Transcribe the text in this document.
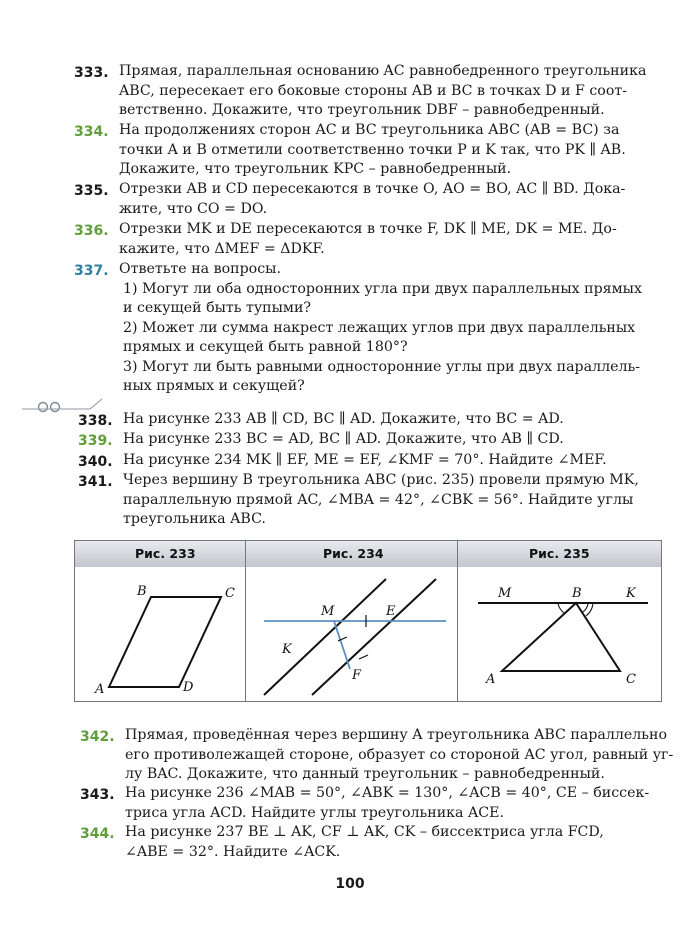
333. Прямая, параллельная основанию AC равнобедренного треугольника
ABC, пересекает его боковые стороны AB и BC в точках D и F соот-
ветственно. Докажите, что треугольник DBF – равнобедренный.
334. На продолжениях сторон AC и BC треугольника ABC (AB = BC) за
точки A и B отметили соответственно точки P и K так, что PK ∥ AB.
Докажите, что треугольник KPC – равнобедренный.
335. Отрезки AB и CD пересекаются в точке O, AO = BO, AC ∥ BD. Дока-
жите, что CO = DO.
336. Отрезки MK и DE пересекаются в точке F, DK ∥ ME, DK = ME. До-
кажите, что ΔMEF = ΔDKF.
337. Ответьте на вопросы.
1) Могут ли оба односторонних угла при двух параллельных прямых
и секущей быть тупыми?
2) Может ли сумма накрест лежащих углов при двух параллельных
прямых и секущей быть равной 180°?
3) Могут ли быть равными односторонние углы при двух параллель-
ных прямых и секущей?
338. На рисунке 233 AB ∥ CD, BC ∥ AD. Докажите, что BC = AD.
339. На рисунке 233 BC = AD, BC ∥ AD. Докажите, что AB ∥ CD.
340. На рисунке 234 MK ∥ EF, ME = EF, ∠KMF = 70°. Найдите ∠MEF.
341. Через вершину B треугольника ABC (рис. 235) провели прямую MK,
параллельную прямой AC, ∠MBA = 42°, ∠CBK = 56°. Найдите углы
треугольника ABC.
Рис. 233	Рис. 234	Рис. 235
B	C
A	D
M	E
K
F
M	B	K
A	C
342. Прямая, проведённая через вершину A треугольника ABC параллельно
его противолежащей стороне, образует со стороной AC угол, равный уг-
лу BAC. Докажите, что данный треугольник – равнобедренный.
343. На рисунке 236 ∠MAB = 50°, ∠ABK = 130°, ∠ACB = 40°, CE – биссек-
триса угла ACD. Найдите углы треугольника ACE.
344. На рисунке 237 BE ⊥ AK, CF ⊥ AK, CK – биссектриса угла FCD,
∠ABE = 32°. Найдите ∠ACK.
100
